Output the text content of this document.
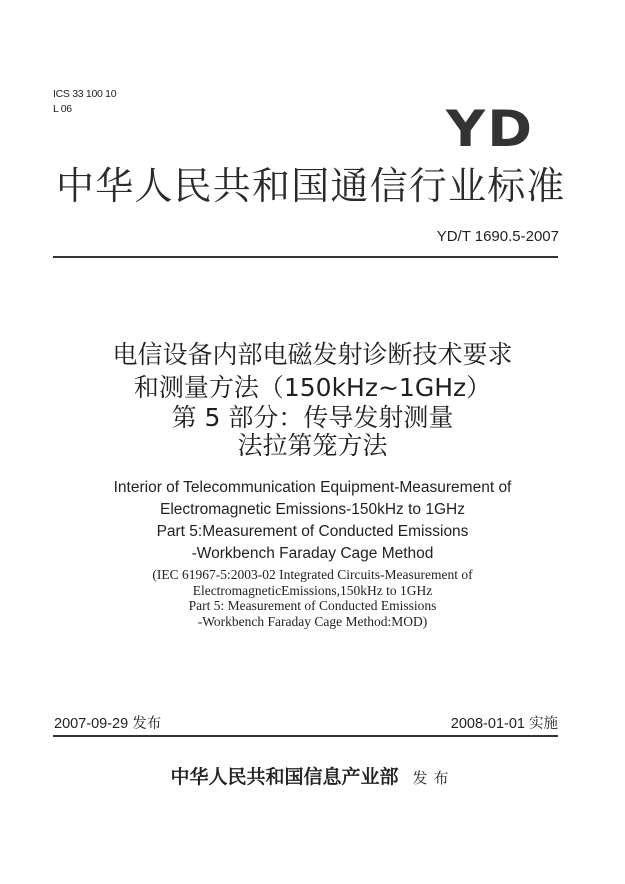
ICS 33 100 10
L 06	YD
中华人民共和国通信行业标准
YD/T 1690.5-2007
电信设备内部电磁发射诊断技术要求
和测量方法（150kHz~1GHz）
第 5 部分：传导发射测量
法拉第笼方法
Interior of Telecommunication Equipment-Measurement of
Electromagnetic Emissions-150kHz to 1GHz
Part 5:Measurement of Conducted Emissions
-Workbench Faraday Cage Method
(IEC 61967-5:2003-02 Integrated Circuits-Measurement of
ElectromagneticEmissions,150kHz to 1GHz
Part 5: Measurement of Conducted Emissions
-Workbench Faraday Cage Method:MOD)
2007-09-29 发布	2008-01-01 实施
中华人民共和国信息产业部 发布
